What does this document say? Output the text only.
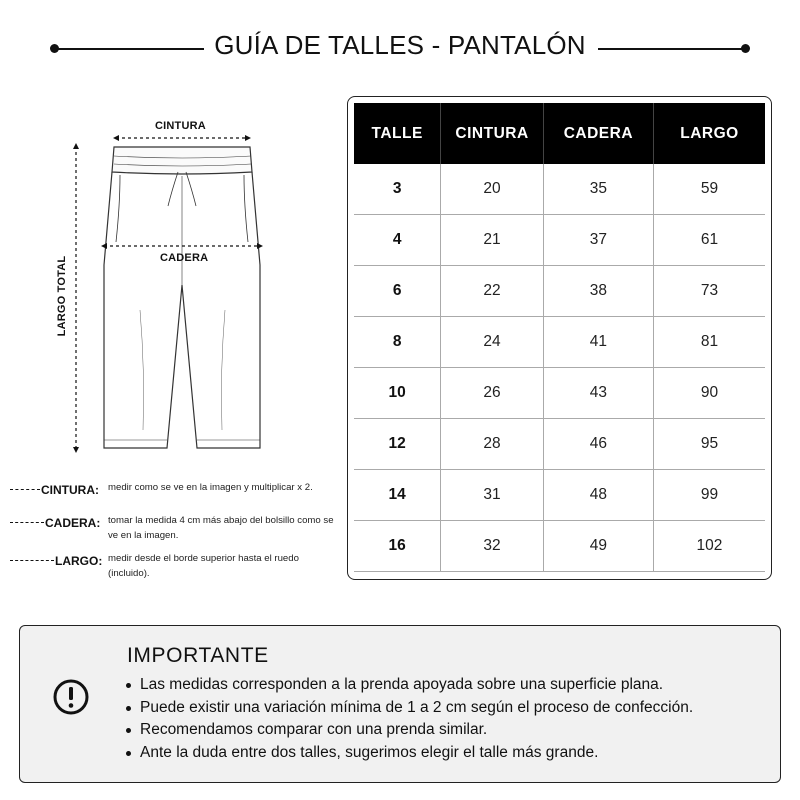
GUÍA DE TALLES - PANTALÓN
CINTURA
CADERA
LARGO TOTAL
CINTURA: medir como se ve en la imagen y multiplicar x 2.
CADERA: tomar la medida 4 cm más abajo del bolsillo como se ve en la imagen.
LARGO: medir desde el borde superior hasta el ruedo (incluido).
TALLE	CINTURA	CADERA	LARGO
3	20	35	59
4	21	37	61
6	22	38	73
8	24	41	81
10	26	43	90
12	28	46	95
14	31	48	99
16	32	49	102
IMPORTANTE
Las medidas corresponden a la prenda apoyada sobre una superficie plana.
Puede existir una variación mínima de 1 a 2 cm según el proceso de confección.
Recomendamos comparar con una prenda similar.
Ante la duda entre dos talles, sugerimos elegir el talle más grande.
